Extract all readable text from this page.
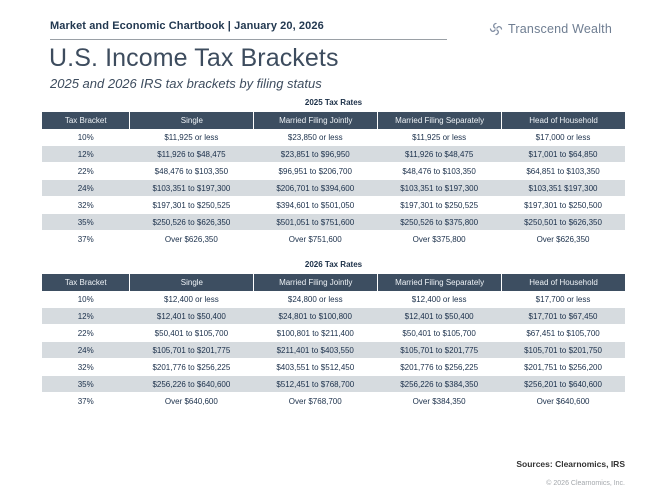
Market and Economic Chartbook | January 20, 2026	Transcend Wealth
U.S. Income Tax Brackets
2025 and 2026 IRS tax brackets by filing status
2025 Tax Rates
Tax Bracket	Single	Married Filing Jointly	Married Filing Separately	Head of Household
10%	$11,925 or less	$23,850 or less	$11,925 or less	$17,000 or less
12%	$11,926 to $48,475	$23,851 to $96,950	$11,926 to $48,475	$17,001 to $64,850
22%	$48,476 to $103,350	$96,951 to $206,700	$48,476 to $103,350	$64,851 to $103,350
24%	$103,351 to $197,300	$206,701 to $394,600	$103,351 to $197,300	$103,351 $197,300
32%	$197,301 to $250,525	$394,601 to $501,050	$197,301 to $250,525	$197,301 to $250,500
35%	$250,526 to $626,350	$501,051 to $751,600	$250,526 to $375,800	$250,501 to $626,350
37%	Over $626,350	Over $751,600	Over $375,800	Over $626,350
2026 Tax Rates
Tax Bracket	Single	Married Filing Jointly	Married Filing Separately	Head of Household
10%	$12,400 or less	$24,800 or less	$12,400 or less	$17,700 or less
12%	$12,401 to $50,400	$24,801 to $100,800	$12,401 to $50,400	$17,701 to $67,450
22%	$50,401 to $105,700	$100,801 to $211,400	$50,401 to $105,700	$67,451 to $105,700
24%	$105,701 to $201,775	$211,401 to $403,550	$105,701 to $201,775	$105,701 to $201,750
32%	$201,776 to $256,225	$403,551 to $512,450	$201,776 to $256,225	$201,751 to $256,200
35%	$256,226 to $640,600	$512,451 to $768,700	$256,226 to $384,350	$256,201 to $640,600
37%	Over $640,600	Over $768,700	Over $384,350	Over $640,600
Sources: Clearnomics, IRS
© 2026 Clearnomics, Inc.
